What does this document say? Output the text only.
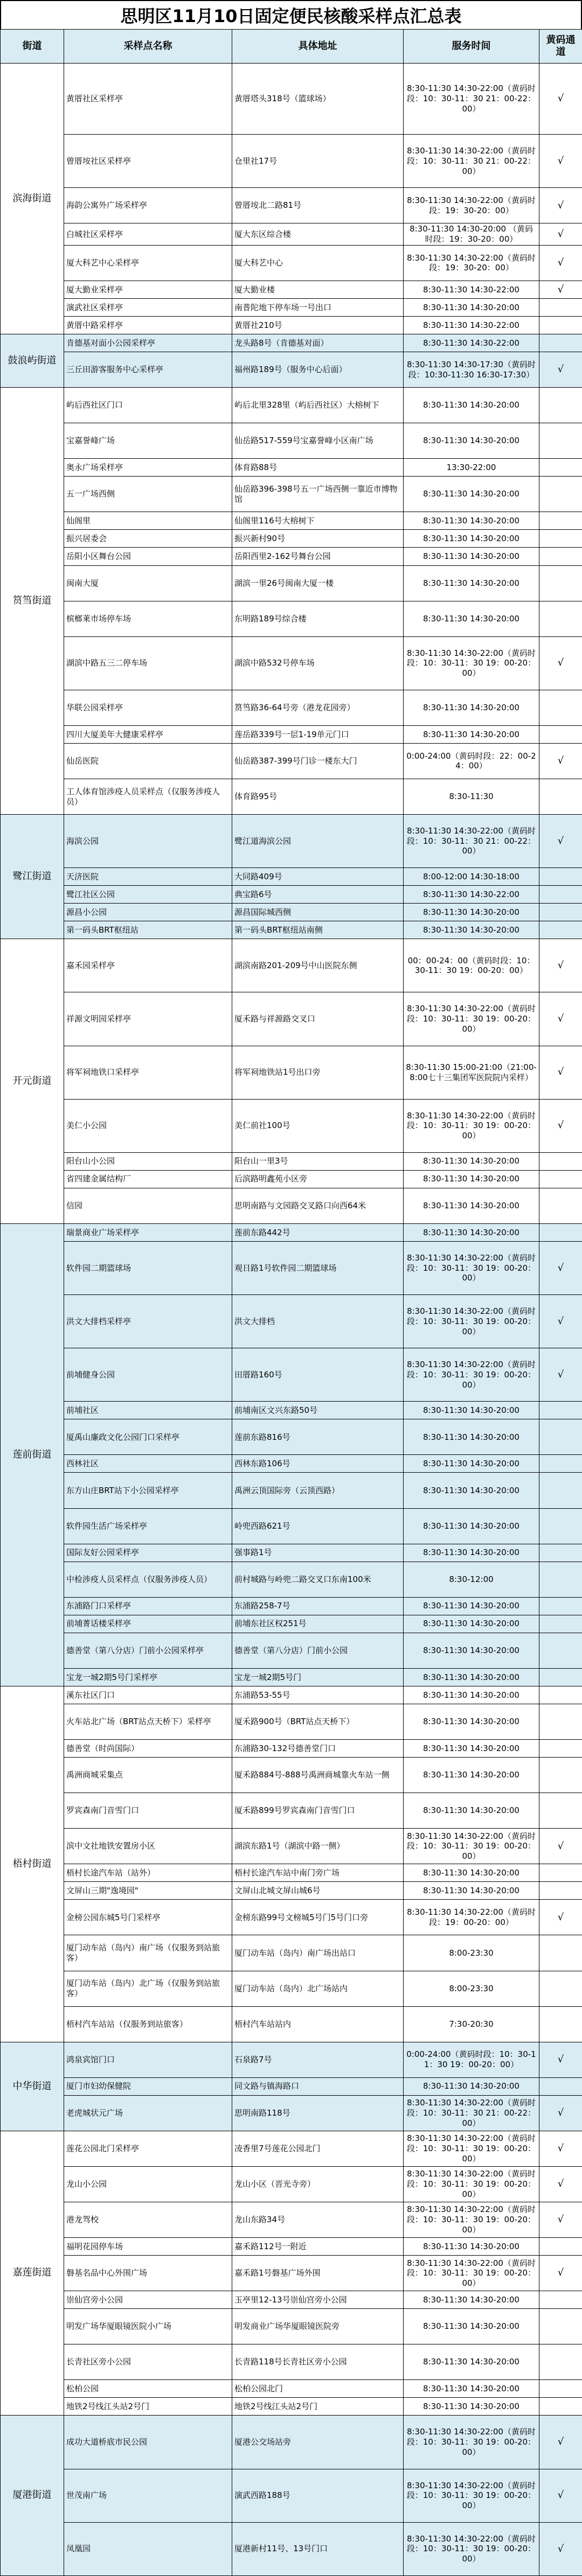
思明区11月10日固定便民核酸采样点汇总表
街道	采样点名称	具体地址	服务时间	黄码通道
滨海街道	黄厝社区采样亭	黄厝塔头318号（篮球场）	8:30-11:30 14:30-22:00（黄码时段：10：30-11：30 21：00-22：00）	√
	曾厝垵社区采样亭	仓里社17号	8:30-11:30 14:30-22:00（黄码时段：10：30-11：30 21：00-22：00）	√
	海韵公寓外广场采样亭	曾厝垵北二路81号	8:30-11:30 14:30-22:00（黄码时段：19：30-20：00）	√
	白城社区采样亭	厦大东区综合楼	8:30-11:30 14:30-20:00 （黄码时段：19：30-20：00）	√
	厦大科艺中心采样亭	厦大科艺中心	8:30-11:30 14:30-22:00（黄码时段：19：30-20：00）	√
	厦大勤业采样亭	厦大勤业楼	8:30-11:30 14:30-22:00	√
	演武社区采样亭	南普陀地下停车场一号出口	8:30-11:30 14:30-20:00	
	黄厝中路采样亭	黄厝社210号	8:30-11:30 14:30-22:00	
鼓浪屿街道	肯德基对面小公园采样亭	龙头路8号（肯德基对面）	8:30-11:30 14:30-22:00	
	三丘田游客服务中心采样亭	福州路189号（服务中心后面）	8:30-11:30 14:30-17:30（黄码时段：10:30-11:30 16:30-17:30）	√
筼筜街道	屿后西社区门口	屿后北里328里（屿后西社区）大榕树下	8:30-11:30 14:30-20:00	
	宝嘉誉峰广场	仙岳路517-559号宝嘉誉峰小区南广场	8:30-11:30 14:30-20:00	
	奥永广场采样亭	体育路88号	13:30-22:00	
	五一广场西侧	仙岳路396-398号五一广场西侧一靠近市博物馆	8:30-11:30 14:30-20:00	
	仙阁里	仙阁里116号大榕树下	8:30-11:30 14:30-20:00	
	振兴居委会	振兴新村90号	8:30-11:30 14:30-20:00	
	岳阳小区舞台公园	岳阳西里2-162号舞台公园	8:30-11:30 14:30-20:00	
	闽南大厦	湖滨一里26号闽南大厦一楼	8:30-11:30 14:30-20:00	
	槟榔莱市场停车场	东明路189号综合楼	8:30-11:30 14:30-20:00	
	湖滨中路五三二停车场	湖滨中路532号停车场	8:30-11:30 14:30-22:00（黄码时段：10：30-11：30 19：00-20：00）	√
	华联公园采样亭	筼筜路36-64号旁（港龙花园旁）	8:30-11:30 14:30-20:00	
	四川大厦美年大健康采样亭	莲岳路339号一层1-19单元门口	8:30-11:30 14:30-20:00	
	仙岳医院	仙岳路387-399号门诊一楼东大门	0:00-24:00（黄码时段：22：00-24：00）	√
	工人体育馆涉疫人员采样点（仅服务涉疫人员）	体育路95号	8:30-11:30	
鹭江街道	海滨公园	鹭江道海滨公园	8:30-11:30 14:30-22:00（黄码时段：10：30-11：30 21：00-22：00）	√
	天济医院	大同路409号	8:00-12:00 14:30-18:00	
	鹭江社区公园	典宝路6号	8:30-11:30 14:30-22:00	
	源昌小公园	源昌国际城西侧	8:30-11:30 14:30-20:00	
	第一码头BRT枢纽站	第一码头BRT枢纽站南侧	8:30-11:30 14:30-20:00	
开元街道	嘉禾园采样亭	湖滨南路201-209号中山医院东侧	00：00-24：00（黄码时段：10：30-11：30 19：00-20：00）	√
	祥源文明园采样亭	厦禾路与祥源路交叉口	8:30-11:30 14:30-22:00（黄码时段：10：30-11：30 19：00-20：00）	√
	将军祠地铁口采样亭	将军祠地铁站1号出口旁	8:30-11:30 15:00-21:00（21:00-8:00七十三集团军医院院内采样）	√
	美仁小公园	美仁前社100号	8:30-11:30 14:30-22:00（黄码时段：10：30-11：30 19：00-20：00）	√
	阳台山小公园	阳台山一里3号	8:30-11:30 14:30-20:00	
	省四建金属结构厂	后滨路明鑫苑小区旁	8:30-11:30 14:30-20:00	
	信园	思明南路与文园路交叉路口向西64米	8:30-11:30 14:30-20:00	
莲前街道	瑞景商业广场采样亭	莲前东路442号	8:30-11:30 14:30-20:00	
	软件园二期篮球场	观日路1号软件园二期篮球场	8:30-11:30 14:30-22:00（黄码时段：10：30-11：30 19：00-20：00）	√
	洪文大排档采样亭	洪文大排档	8:30-11:30 14:30-22:00（黄码时段：10：30-11：30 19：00-20：00）	√
	前埔健身公园	田厝路160号	8:30-11:30 14:30-22:00（黄码时段：10：30-11：30 19：00-20：00）	√
	前埔社区	前埔南区文兴东路50号	8:30-11:30 14:30-20:00	
	厦禹山廉政文化公园门口采样亭	莲前东路816号	8:30-11:30 14:30-20:00	
	西林社区	西林东路106号	8:30-11:30 14:30-20:00	
	东方山庄BRT站下小公园采样亭	禹洲云顶国际旁（云顶西路）	8:30-11:30 14:30-20:00	
	软件园生活广场采样亭	岭兜西路621号	8:30-11:30 14:30-20:00	
	国际友好公园采样亭	强事路1号	8:30-11:30 14:30-20:00	
	中检涉疫人员采样点（仅服务涉疫人员）	前村城路与岭兜二路交叉口东南100米	8:30-12:00	
	东浦路门口采样亭	东浦路258-7号	8:30-11:30 14:30-20:00	
	前埔菁话楼采样亭	前埔东社区权251号	8:30-11:30 14:30-20:00	
	德善堂（第八分店）门前小公园采样亭	德善堂（第八分店）门前小公园	8:30-11:30 14:30-20:00	
	宝龙一城2期5号门采样亭	宝龙一城2期5号门	8:30-11:30 14:30-20:00	
梧村街道	溪东社区门口	东浦路53-55号	8:30-11:30 14:30-20:00	
	火车站北广场（BRT站点天桥下）采样亭	厦禾路900号（BRT站点天桥下）	8:30-11:30 14:30-20:00	
	德善堂（时尚国际）	东浦路30-132号德善堂门口	8:30-11:30 14:30-20:00	
	禹洲商城采集点	厦禾路884号-888号禹洲商城靠火车站一侧	8:30-11:30 14:30-20:00	
	罗宾森南门音雪门口	厦禾路899号罗宾森南门音雪门口	8:30-11:30 14:30-20:00	
	滨中文社地铁安置房小区	湖滨东路1号（湖滨中路一侧）	8:30-11:30 14:30-22:00（黄码时段：10：30-11：30 19：00-20：00）	√
	梧村长途汽车站（站外）	梧村长途汽车站中南门旁广场	8:30-11:30 14:30-20:00	
	文屏山三期"逸境园"	文屏山北城文屏山城6号	8:30-11:30 14:30-20:00	
	金榜公园东城5号门采样亭	金榜东路99号文榜城5号门5号门口旁	8:30-11:30 14:30-22:00（黄码时段：19：00-20：00）	√
	厦门动车站（岛内）南广场（仅服务到站旅客）	厦门动车站（岛内）南广场出站口	8:00-23:30	
	厦门动车站（岛内）北广场（仅服务到站旅客）	厦门动车站（岛内）北广场站内	8:00-23:30	
	梧村汽车站站（仅服务到站旅客）	梧村汽车站站内	7:30-20:30	
中华街道	鸿泉宾馆门口	石泉路7号	0:00-24:00（黄码时段：10：30-11：30 19：00-20：00）	√
	厦门市妇幼保健院	同文路与镇海路口	8:30-11:30 14:30-20:00	
	老虎城状元广场	思明南路118号	8:30-11:30 14:30-22:00（黄码时段：10：30-11：30 21：00-22：00）	√
嘉莲街道	莲花公园北门采样亭	凌香里7号莲花公园北门	8:30-11:30 14:30-22:00（黄码时段：10：30-11：30 19：00-20：00）	√
	龙山小公园	龙山小区（晋光寺旁）	8:30-11:30 14:30-22:00（黄码时段：10：30-11：30 19：00-20：00）	√
	港龙驾校	龙山东路34号	8:30-11:30 14:30-22:00（黄码时段：10：30-11：30 19：00-20：00）	√
	福明花园停车场	嘉禾路112号一附近	8:30-11:30 14:30-20:00	
	磐基名品中心外围广场	嘉禾路1号磐基广场外围	8:30-11:30 14:30-22:00（黄码时段：10：30-11：30 19：00-20：00）	√
	崇仙宫旁小公园	玉亭里12-13号崇仙宫旁小公园	8:30-11:30 14:30-20:00	
	明发广场华厦眼镜医院小广场	明发商业广场华厦眼镜医院旁	8:30-11:30 14:30-20:00	
	长青社区旁小公园	长青路118号长青社区旁小公园	8:30-11:30 14:30-20:00	
	松柏公园	松柏公园北门	8:30-11:30 14:30-20:00	
	地铁2号线江头站2号门	地铁2号线江头站2号门	8:30-11:30 14:30-20:00	
厦港街道	成功大道桥底市民公园	厦港公交场站旁	8:30-11:30 14:30-22:00（黄码时段：10：30-11：30 19：00-20：00）	√
	世茂南广场	演武西路188号	8:30-11:30 14:30-22:00（黄码时段：10：30-11：30 19：00-20：00）	√
	凤凰园	厦港新村11号、13号门口	8:30-11:30 14:30-22:00（黄码时段：10：30-11：30 19：00-20：00）	√
